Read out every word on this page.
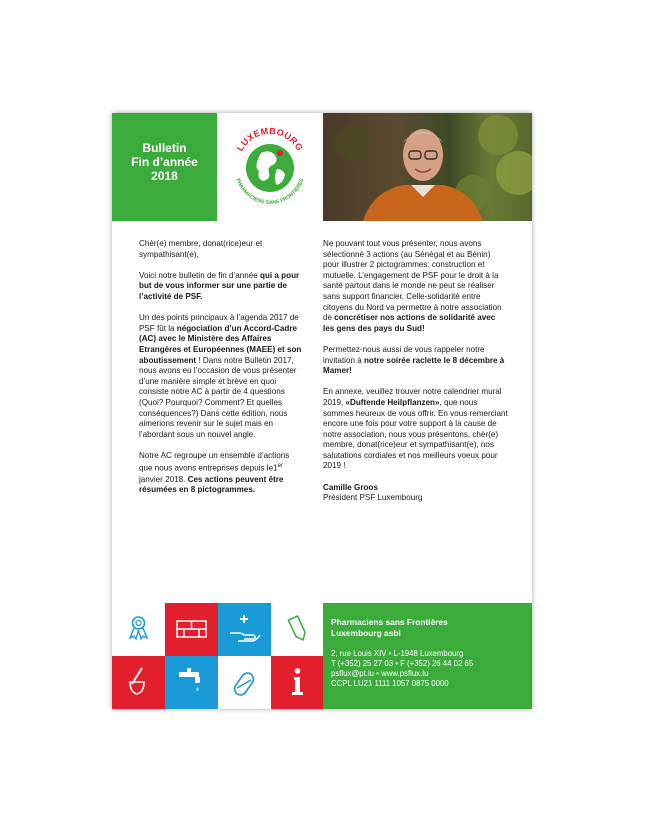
Bulletin
Fin d’année
2018
LUXEMBOURG
PHARMACIENS SANS FRONTIÈRES

Chèr(e) membre, donat(rice)eur et sympathisant(e),

Voici notre bulletin de fin d’année qui a pour but de vous informer sur une partie de l’activité de PSF.

Un des points principaux à l’agenda 2017 de PSF fût la négociation d’un Accord-Cadre (AC) avec le Ministère des Affaires Etrangères et Européennes (MAEE) et son aboutissement ! Dans notre Bulletin 2017, nous avons eu l’occasion de vous présenter d’une manière simple et brève en quoi consiste notre AC à partir de 4 questions (Quoi? Pourquoi? Comment? Et quelles conséquences?) Dans cette édition, nous aimerions revenir sur le sujet mais en l’abordant sous un nouvel angle.

Notre AC regroupe un ensemble d’actions que nous avons entreprises depuis le1er janvier 2018. Ces actions peuvent être résumées en 8 pictogrammes.

Ne pouvant tout vous présenter, nous avons sélectionné 3 actions (au Sénégal et au Bénin) pour illustrer 2 pictogrammes: construction et mutuelle. L’engagement de PSF pour le droit à la santé partout dans le monde ne peut se réaliser sans support financier. Celle-solidarité entre citoyens du Nord va permettre à notre association de concrétiser nos actions de solidarité avec les gens des pays du Sud!

Permettez-nous aussi de vous rappeler notre invitation à notre soirée raclette le 8 décembre à Mamer!

En annexe, veuillez trouver notre calendrier mural 2019, «Duftende Heilpflanzen», que nous sommes heureux de vous offrir. En vous remerciant encore une fois pour votre support à la cause de notre association, nous vous présentons, chèr(e) membre, donat(rice)eur et sympathisant(e), nos salutations cordiales et nos meilleurs voeux pour 2019 !

Camille Groos
Président PSF Luxembourg

Pharmaciens sans Frontières
Luxembourg asbl
2, rue Louis XIV • L-1948 Luxembourg
T (+352) 25 27 03 • F (+352) 26 44 02 65
psflux@pt.lu • www.psflux.lu
CCPL LU21 1111 1057 0875 0000
